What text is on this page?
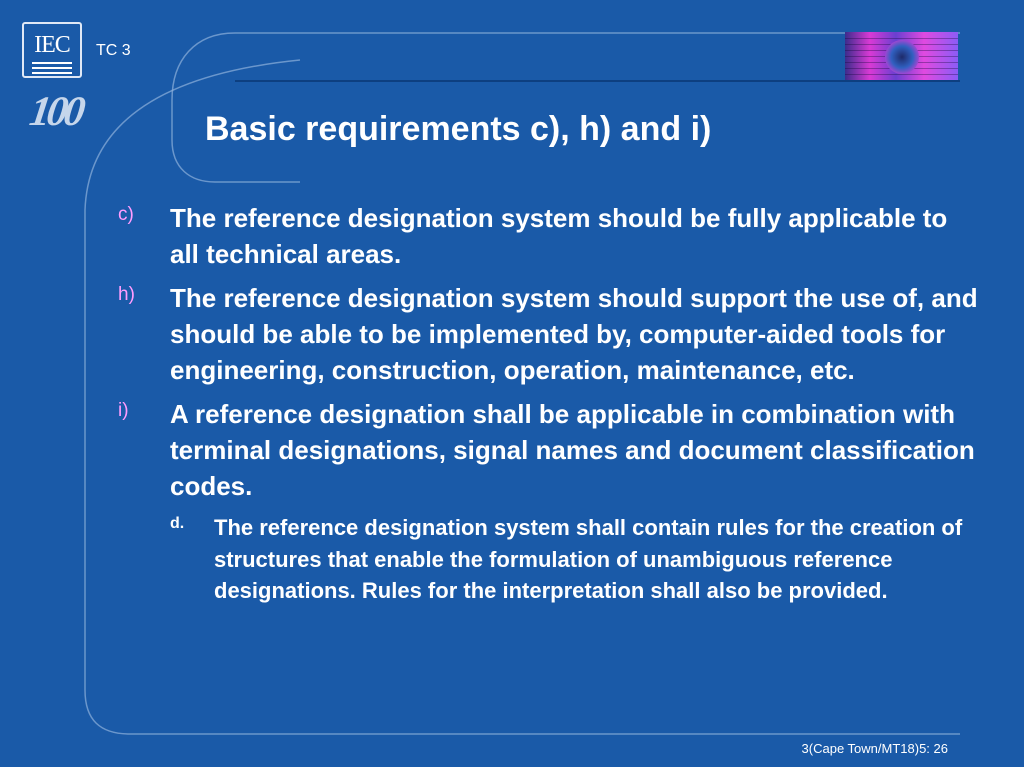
IEC
100
TC 3
Basic requirements c), h) and i)
c) The reference designation system should be fully applicable to all technical areas.
h) The reference designation system should support the use of, and should be able to be implemented by, computer-aided tools for engineering, construction, operation, maintenance, etc.
i) A reference designation shall be applicable in combination with terminal designations, signal names and document classification codes.
d. The reference designation system shall contain rules for the creation of structures that enable the formulation of unambiguous reference designations. Rules for the interpretation shall also be provided.
3(Cape Town/MT18)5: 26
